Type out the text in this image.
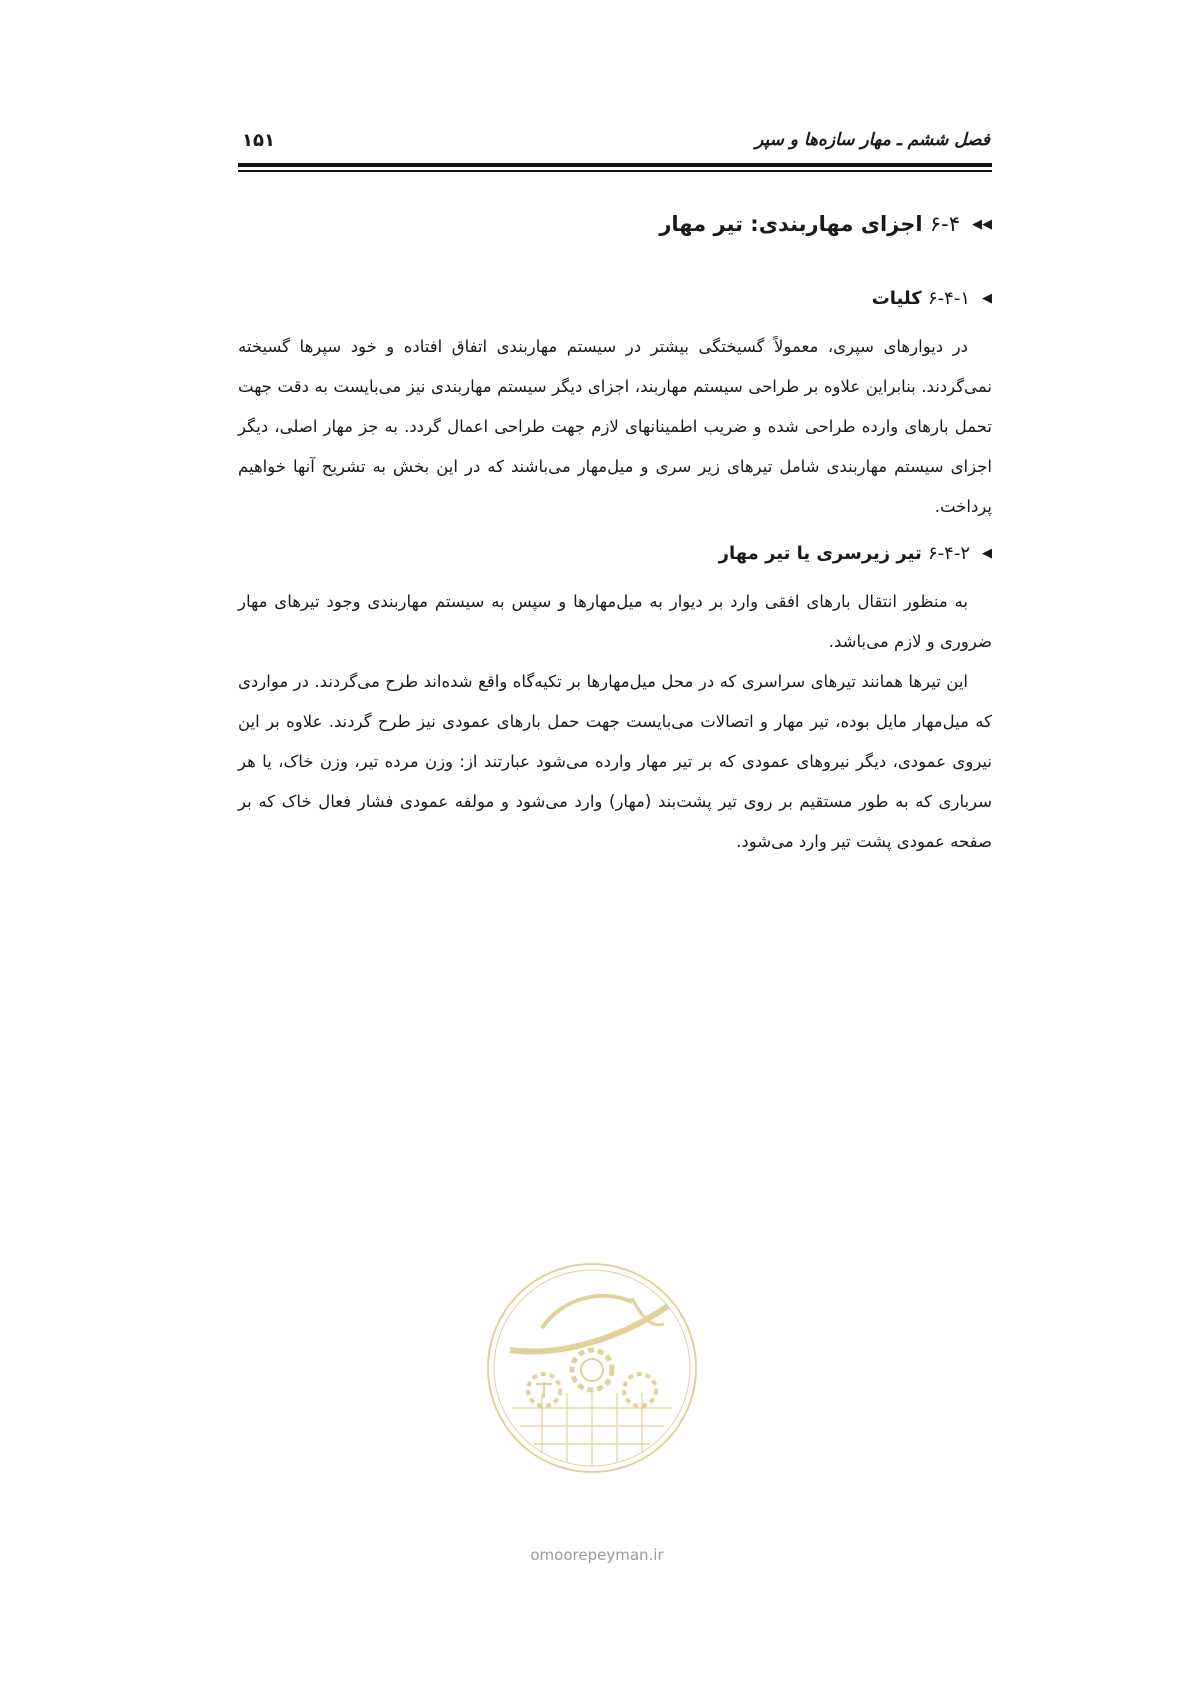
۱۵۱	فصل ششم ـ مهار سازه‌ها و سپر
◀◀
۶-۴ اجزای مهاربندی: تیر مهار
◀
۶-۴-۱ کلیات

در دیوارهای سپری، معمولاً گسیختگی بیشتر در سیستم مهاربندی اتفاق افتاده و خود سپرها گسیخته نمی‌گردند. بنابراین علاوه بر طراحی سیستم مهاربند، اجزای دیگر سیستم مهاربندی نیز می‌بایست به دقت جهت تحمل بارهای وارده طراحی شده و ضریب اطمینانهای لازم جهت طراحی اعمال گردد. به جز مهار اصلی، دیگر اجزای سیستم مهاربندی شامل تیرهای زیر سری و میل‌مهار می‌باشند که در این بخش به تشریح آنها خواهیم پرداخت.

◀
۶-۴-۲ تیر زیرسری یا تیر مهار

به منظور انتقال بارهای افقی وارد بر دیوار به میل‌مهارها و سپس به سیستم مهاربندی وجود تیرهای مهار ضروری و لازم می‌باشد.

این تیرها همانند تیرهای سراسری که در محل میل‌مهارها بر تکیه‌گاه واقع شده‌اند طرح می‌گردند. در مواردی که میل‌مهار مایل بوده، تیر مهار و اتصالات می‌بایست جهت حمل بارهای عمودی نیز طرح گردند. علاوه بر این نیروی عمودی، دیگر نیروهای عمودی که بر تیر مهار وارده می‌شود عبارتند از: وزن مرده تیر، وزن خاک، یا هر سرباری که به طور مستقیم بر روی تیر پشت‌بند (مهار) وارد می‌شود و مولفه عمودی فشار فعال خاک که بر صفحه عمودی پشت تیر وارد می‌شود.

omoorepeyman.ir
